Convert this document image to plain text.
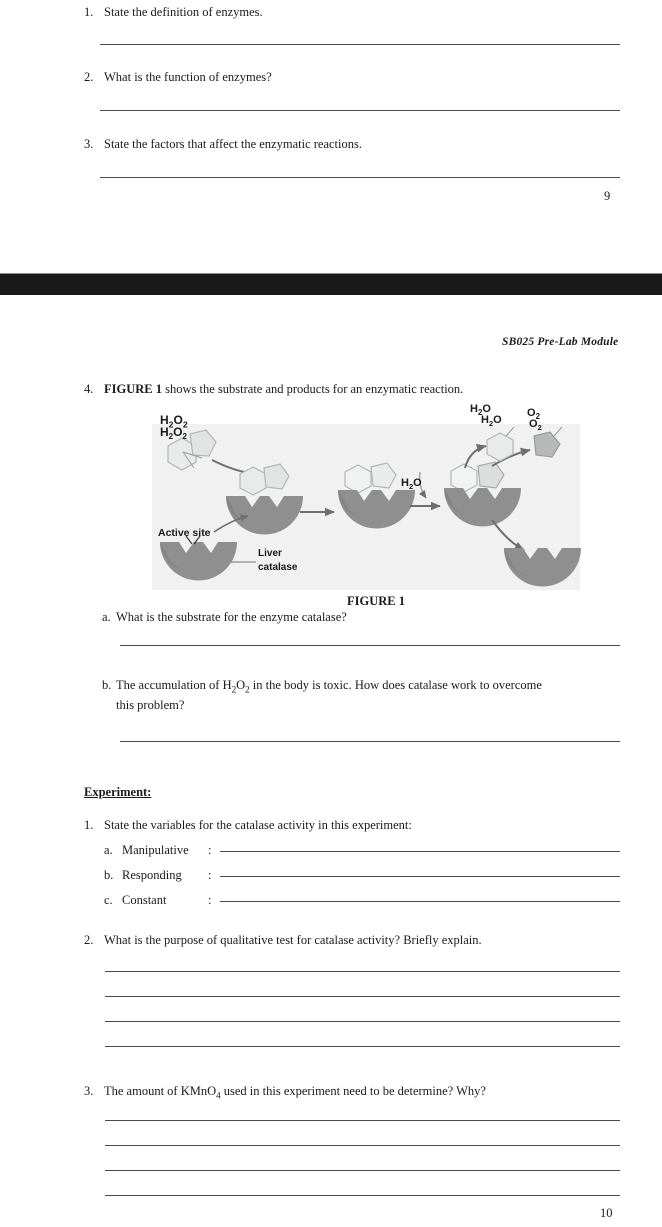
1. State the definition of enzymes.
2. What is the function of enzymes?
3. State the factors that affect the enzymatic reactions.
9
SB025 Pre-Lab Module
4. FIGURE 1 shows the substrate and products for an enzymatic reaction.
$H_2O_2$
$H_2O$
$H_2O$ $O_2$
Active site
Liver
catalase
$H_2O$	$O_2$
$H_2O_2$
FIGURE 1
a. What is the substrate for the enzyme catalase?
b. The accumulation of $H_2O_2$ in the body is toxic. How does catalase work to overcome
this problem?
Experiment:
1. State the variables for the catalase activity in this experiment:
a. Manipulative	:
b. Responding	:
c. Constant	:
2. What is the purpose of qualitative test for catalase activity? Briefly explain.
3. The amount of KMnO$_4$ used in this experiment need to be determine? Why?
10
